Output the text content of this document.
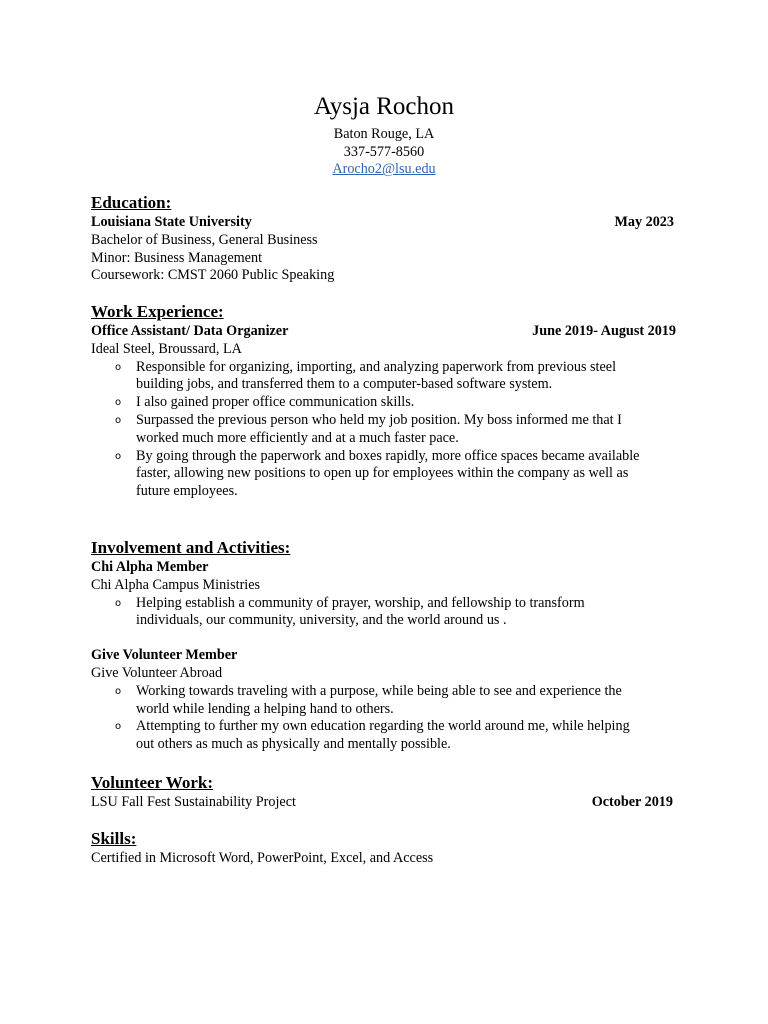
Aysja Rochon
Baton Rouge, LA
337-577-8560
Arocho2@lsu.edu
Education:
Louisiana State University	May 2023
Bachelor of Business, General Business
Minor: Business Management
Coursework: CMST 2060 Public Speaking
Work Experience:
Office Assistant/ Data Organizer	June 2019- August 2019
Ideal Steel, Broussard, LA
o Responsible for organizing, importing, and analyzing paperwork from previous steel
building jobs, and transferred them to a computer-based software system.
o I also gained proper office communication skills.
o Surpassed the previous person who held my job position. My boss informed me that I
worked much more efficiently and at a much faster pace.
o By going through the paperwork and boxes rapidly, more office spaces became available
faster, allowing new positions to open up for employees within the company as well as
future employees.
Involvement and Activities:
Chi Alpha Member
Chi Alpha Campus Ministries
o Helping establish a community of prayer, worship, and fellowship to transform
individuals, our community, university, and the world around us .
Give Volunteer Member
Give Volunteer Abroad
o Working towards traveling with a purpose, while being able to see and experience the
world while lending a helping hand to others.
o Attempting to further my own education regarding the world around me, while helping
out others as much as physically and mentally possible.
Volunteer Work:
LSU Fall Fest Sustainability Project	October 2019
Skills:
Certified in Microsoft Word, PowerPoint, Excel, and Access
